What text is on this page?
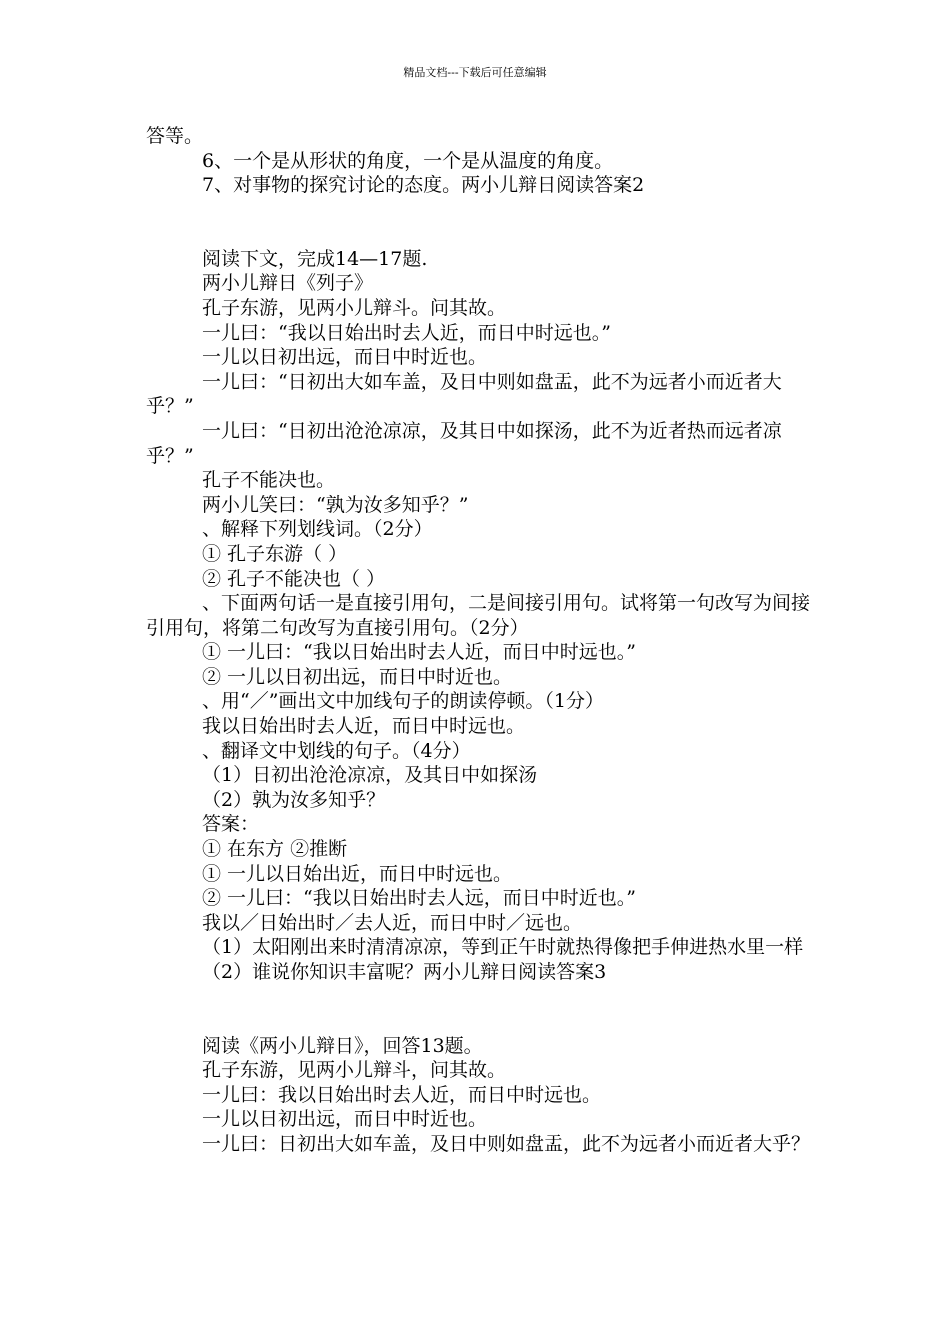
精品文档---下载后可任意编辑

答等。

6、一个是从形状的角度，一个是从温度的角度。

7、对事物的探究讨论的态度。两小儿辩日阅读答案2

阅读下文，完成14—17题.

两小儿辩日《列子》

孔子东游，见两小儿辩斗。问其故。

一儿曰：“我以日始出时去人近，而日中时远也。”

一儿以日初出远，而日中时近也。

一儿曰：“日初出大如车盖，及日中则如盘盂，此不为远者小而近者大乎？”

一儿曰：“日初出沧沧凉凉，及其日中如探汤，此不为近者热而远者凉乎？”

孔子不能决也。

两小儿笑曰：“孰为汝多知乎？”

、解释下列划线词。（2分）

① 孔子东游（ ）

② 孔子不能决也（ ）

、下面两句话一是直接引用句，二是间接引用句。试将第一句改写为间接引用句，将第二句改写为直接引用句。（2分）

① 一儿曰：“我以日始出时去人近，而日中时远也。”

② 一儿以日初出远，而日中时近也。

、用“／”画出文中加线句子的朗读停顿。（1分）

我以日始出时去人近，而日中时远也。

、翻译文中划线的句子。（4分）

（1）日初出沧沧凉凉，及其日中如探汤

（2）孰为汝多知乎？

答案：

① 在东方 ②推断

① 一儿以日始出近，而日中时远也。

② 一儿曰：“我以日始出时去人远，而日中时近也。”

我以／日始出时／去人近，而日中时／远也。

（1）太阳刚出来时清清凉凉，等到正午时就热得像把手伸进热水里一样

（2）谁说你知识丰富呢？两小儿辩日阅读答案3

阅读《两小儿辩日》，回答13题。

孔子东游，见两小儿辩斗，问其故。

一儿曰：我以日始出时去人近，而日中时远也。

一儿以日初出远，而日中时近也。

一儿曰：日初出大如车盖，及日中则如盘盂，此不为远者小而近者大乎？
